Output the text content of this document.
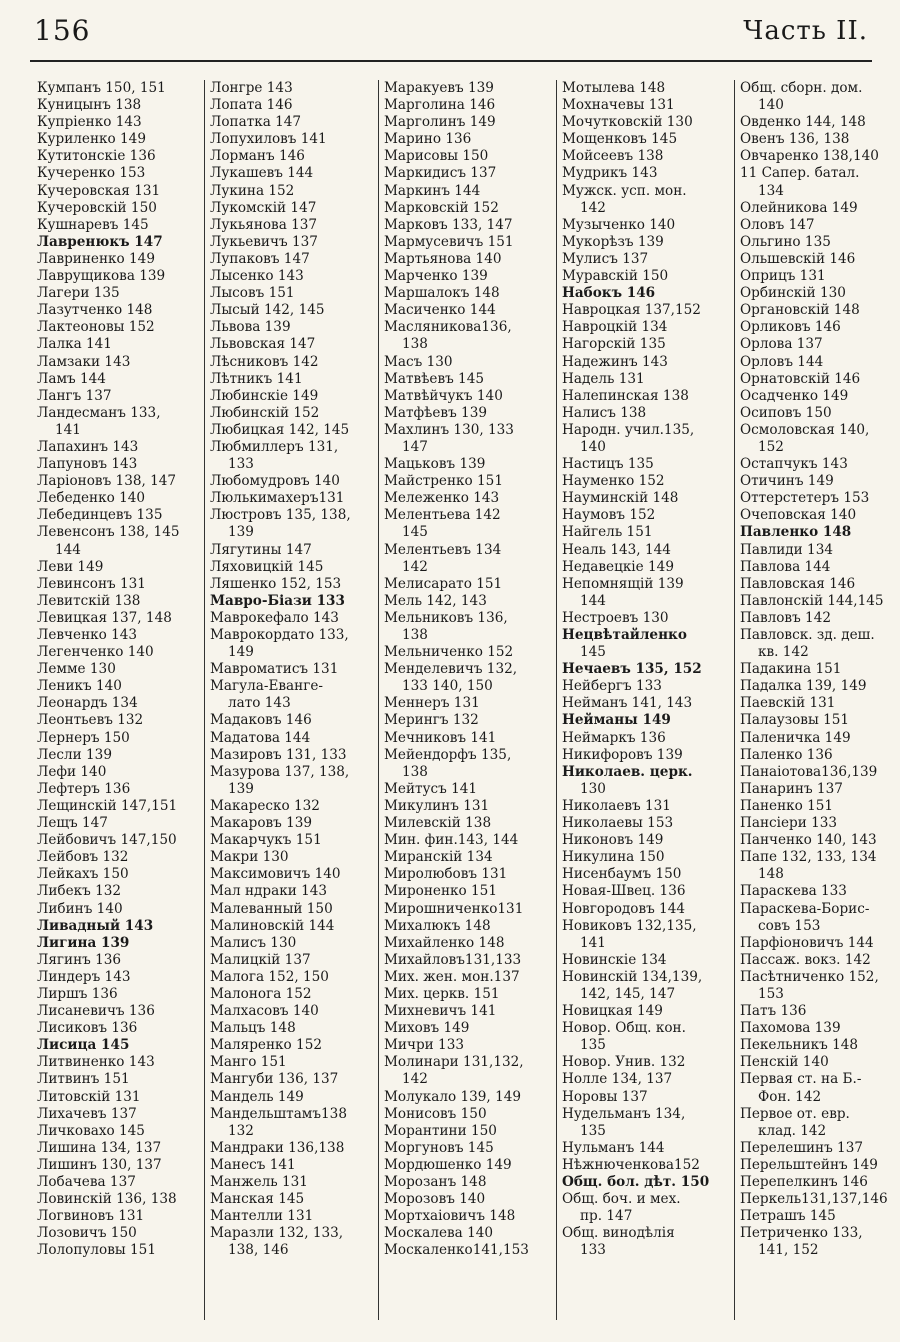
156	Часть II.
Кумпанъ 150, 151
Куницынъ 138
Купріенко 143
Куриленко 149
Кутитонскіе 136
Кучеренко 153
Кучеровская 131
Кучеровскій 150
Кушнаревъ 145
Лавренюкъ 147
Лавриненко 149
Лаврущикова 139
Лагери 135
Лазутченко 148
Лактеоновы 152
Лалка 141
Ламзаки 143
Ламъ 144
Лангъ 137
Ландесманъ 133,
141
Лапахинъ 143
Лапуновъ 143
Ларіоновъ 138, 147
Лебеденко 140
Лебединцевъ 135
Левенсонъ 138, 145
144
Леви 149
Левинсонъ 131
Левитскій 138
Левицкая 137, 148
Левченко 143
Легенченко 140
Лемме 130
Леникъ 140
Леонардъ 134
Леонтьевъ 132
Лернеръ 150
Лесли 139
Лефи 140
Лефтеръ 136
Лещинскій 147,151
Лещъ 147
Лейбовичъ 147,150
Лейбовъ 132
Лейкахъ 150
Либекъ 132
Либинъ 140
Ливадный 143
Лигина 139
Лягинъ 136
Линдеръ 143
Лиршъ 136
Лисаневичъ 136
Лисиковъ 136
Лисица 145
Литвиненко 143
Литвинъ 151
Литовскій 131
Лихачевъ 137
Личковахо 145
Лишина 134, 137
Лишинъ 130, 137
Лобачева 137
Ловинскій 136, 138
Логвиновъ 131
Лозовичъ 150
Лолопуловы 151
Лонгре 143
Лопата 146
Лопатка 147
Лопухиловъ 141
Лорманъ 146
Лукашевъ 144
Лукина 152
Лукомскій 147
Лукьянова 137
Лукьевичъ 137
Лупаковъ 147
Лысенко 143
Лысовъ 151
Лысый 142, 145
Львова 139
Львовская 147
Лѣсниковъ 142
Лѣтникъ 141
Любинскіе 149
Любинскій 152
Любицкая 142, 145
Любмиллеръ 131,
133
Любомудровъ 140
Люлькимахеръ131
Люстровъ 135, 138,
139
Лягутины 147
Ляховицкій 145
Ляшенко 152, 153
Мавро-Біази 133
Маврокефало 143
Маврокордато 133,
149
Мавроматисъ 131
Магула-Евангe-
лато 143
Мадаковъ 146
Мадатова 144
Мазировъ 131, 133
Мазурова 137, 138,
139
Макареско 132
Макаровъ 139
Макарчукъ 151
Макри 130
Максимовичъ 140
Мал ндраки 143
Малеванный 150
Малиновскій 144
Малисъ 130
Малицкій 137
Малога 152, 150
Малонога 152
Малхасовъ 140
Мальцъ 148
Маляренко 152
Манго 151
Мангуби 136, 137
Мандель 149
Мандельштамъ138
132
Мандраки 136,138
Манесъ 141
Манжель 131
Манская 145
Мантелли 131
Маразли 132, 133,
138, 146
Маракуевъ 139
Марголина 146
Марголинъ 149
Марино 136
Марисовы 150
Маркидисъ 137
Маркинъ 144
Марковскій 152
Марковъ 133, 147
Мармусевичъ 151
Мартьянова 140
Марченко 139
Маршалокъ 148
Масиченко 144
Масляникова136,
138
Масъ 130
Матвѣевъ 145
Матвѣйчукъ 140
Матфѣевъ 139
Махлинъ 130, 133
147
Мацьковъ 139
Майстренко 151
Мележенко 143
Мелентьева 142
145
Мелентьевъ 134
142
Мелисарато 151
Мель 142, 143
Мельниковъ 136,
138
Мельниченко 152
Менделевичъ 132,
133 140, 150
Меннеръ 131
Мерингъ 132
Мечниковъ 141
Мейендорфъ 135,
138
Мейтусъ 141
Микулинъ 131
Милевскій 138
Мин. фин.143, 144
Миранскій 134
Миролюбовъ 131
Мироненко 151
Мирошниченко131
Михалюкъ 148
Михайленко 148
Михайловъ131,133
Мих. жен. мон.137
Мих. церкв. 151
Михневичъ 141
Миховъ 149
Мичри 133
Молинари 131,132,
142
Молукало 139, 149
Монисовъ 150
Морантини 150
Моргуновъ 145
Мордюшенко 149
Морозанъ 148
Морозовъ 140
Мортхаіовичъ 148
Москалева 140
Москаленко141,153
Мотылева 148
Мохначевы 131
Мочутковскій 130
Мощенковъ 145
Мойсеевъ 138
Мудрикъ 143
Мужск. усп. мон.
142
Музыченко 140
Мукорѣзъ 139
Мулисъ 137
Муравскій 150
Набокъ 146
Навроцкая 137,152
Навроцкій 134
Нагорскій 135
Надежинъ 143
Надель 131
Налепинская 138
Налисъ 138
Народн. учил.135,
140
Настицъ 135
Науменко 152
Науминскій 148
Наумовъ 152
Найгель 151
Неаль 143, 144
Недавецкіе 149
Непомнящій 139
144
Нестроевъ 130
Нецвѣтайленко
145
Нечаевъ 135, 152
Нейбергъ 133
Нейманъ 141, 143
Нейманы 149
Неймаркъ 136
Никифоровъ 139
Николаев. церк.
130
Николаевъ 131
Николаевы 153
Никоновъ 149
Никулина 150
Нисенбаумъ 150
Новая-Швец. 136
Новгородовъ 144
Новиковъ 132,135,
141
Новинскіе 134
Новинскій 134,139,
142, 145, 147
Новицкая 149
Новор. Общ. кон.
135
Новор. Унив. 132
Нолле 134, 137
Норовы 137
Нудельманъ 134,
135
Нульманъ 144
Нѣжнюченкова152
Общ. бол. дѣт. 150
Общ. боч. и мех.
пр. 147
Общ. винодѣлія
133
Общ. сборн. дом.
140
Овденко 144, 148
Овенъ 136, 138
Овчаренко 138,140
11 Сапер. батал.
134
Олейникова 149
Оловъ 147
Ольгино 135
Ольшевскій 146
Оприцъ 131
Орбинскій 130
Органовскій 148
Орликовъ 146
Орлова 137
Орловъ 144
Орнатовскій 146
Осадченко 149
Осиповъ 150
Осмоловская 140,
152
Остапчукъ 143
Отичинъ 149
Оттерстетеръ 153
Очеповская 140
Павленко 148
Павлиди 134
Павлова 144
Павловская 146
Павлонскій 144,145
Павловъ 142
Павловск. зд. деш.
кв. 142
Падакина 151
Падалка 139, 149
Паевскій 131
Палаузовы 151
Паленичка 149
Паленко 136
Панаіотова136,139
Панаринъ 137
Паненко 151
Пансіери 133
Панченко 140, 143
Папе 132, 133, 134
148
Параскева 133
Параскева-Борис-
совъ 153
Парфіоновичъ 144
Пассаж. вокз. 142
Пасѣтниченко 152,
153
Патъ 136
Пахомова 139
Пекельникъ 148
Пенскій 140
Первая ст. на Б.-
Фон. 142
Первое от. евр.
клад. 142
Перелешинъ 137
Перельштейнъ 149
Перепелкинъ 146
Перкель131,137,146
Петрашъ 145
Петриченко 133,
141, 152
